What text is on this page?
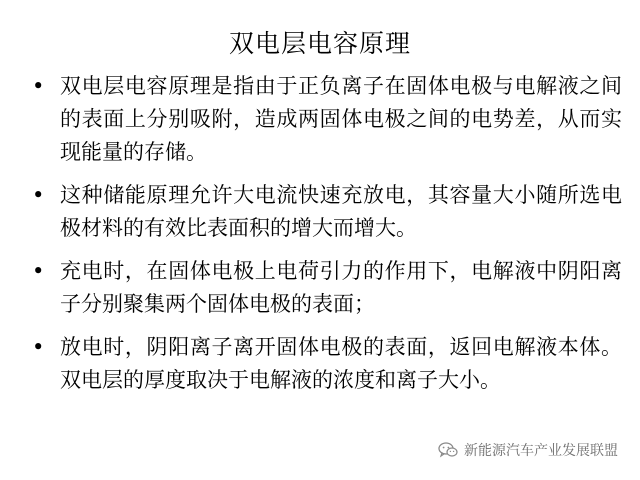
双电层电容原理
• 双电层电容原理是指由于正负离子在固体电极与电解液之间的表面上分别吸附，造成两固体电极之间的电势差，从而实现能量的存储。
• 这种储能原理允许大电流快速充放电，其容量大小随所选电极材料的有效比表面积的增大而增大。
• 充电时，在固体电极上电荷引力的作用下，电解液中阴阳离子分别聚集两个固体电极的表面；
• 放电时，阴阳离子离开固体电极的表面，返回电解液本体。双电层的厚度取决于电解液的浓度和离子大小。
新能源汽车产业发展联盟
